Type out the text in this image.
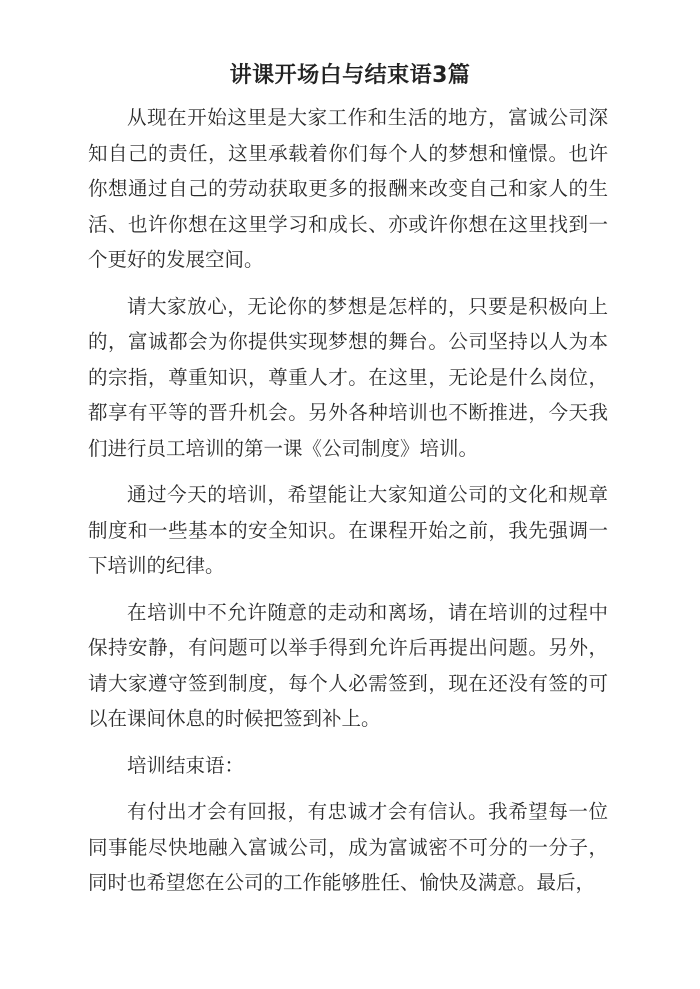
讲课开场白与结束语3篇

从现在开始这里是大家工作和生活的地方，富诚公司深知自己的责任，这里承载着你们每个人的梦想和憧憬。也许你想通过自己的劳动获取更多的报酬来改变自己和家人的生活、也许你想在这里学习和成长、亦或许你想在这里找到一个更好的发展空间。

请大家放心，无论你的梦想是怎样的，只要是积极向上的，富诚都会为你提供实现梦想的舞台。公司坚持以人为本的宗指，尊重知识，尊重人才。在这里，无论是什么岗位，都享有平等的晋升机会。另外各种培训也不断推进，今天我们进行员工培训的第一课《公司制度》培训。

通过今天的培训，希望能让大家知道公司的文化和规章制度和一些基本的安全知识。在课程开始之前，我先强调一下培训的纪律。

在培训中不允许随意的走动和离场，请在培训的过程中保持安静，有问题可以举手得到允许后再提出问题。另外，请大家遵守签到制度，每个人必需签到，现在还没有签的可以在课间休息的时候把签到补上。

培训结束语：

有付出才会有回报，有忠诚才会有信认。我希望每一位同事能尽快地融入富诚公司，成为富诚密不可分的一分子，同时也希望您在公司的工作能够胜任、愉快及满意。最后，
